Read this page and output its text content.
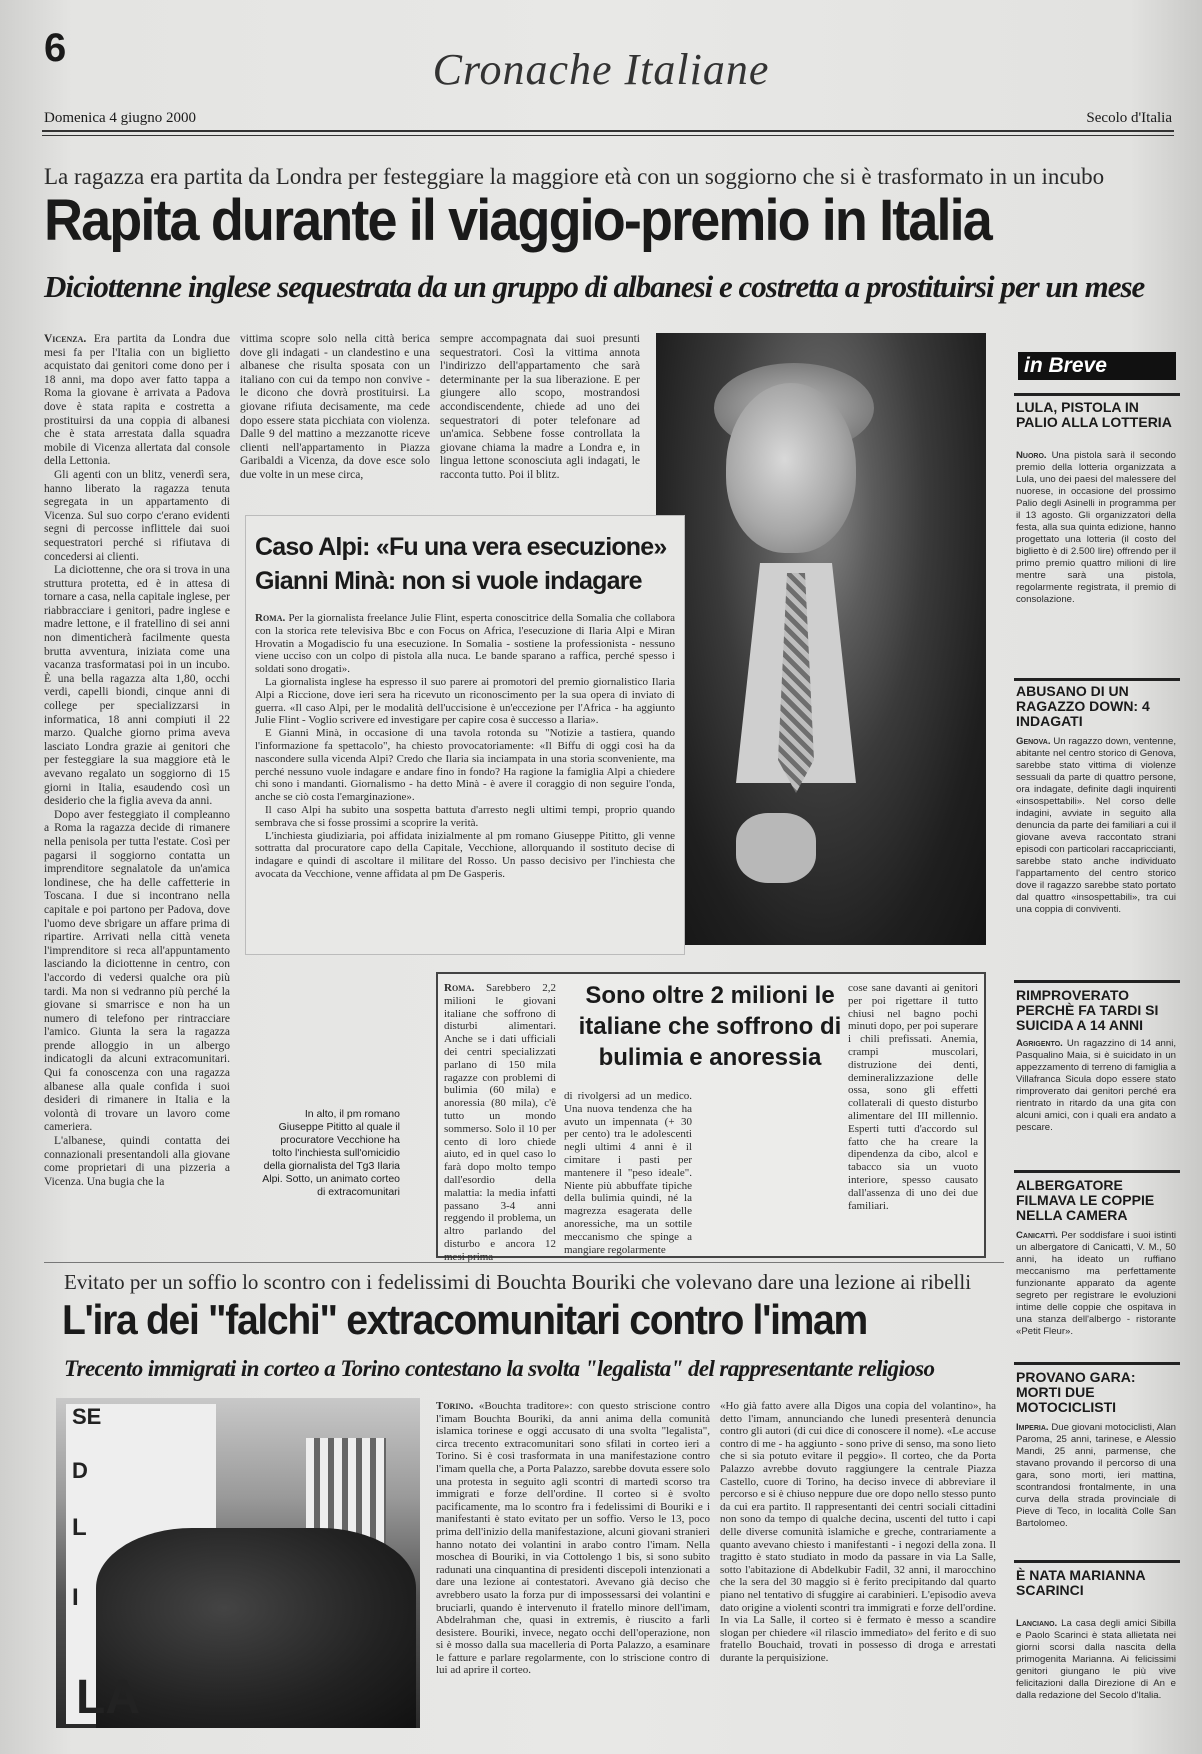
6	Cronache Italiane
Domenica 4 giugno 2000	Secolo d'Italia
La ragazza era partita da Londra per festeggiare la maggiore età con un soggiorno che si è trasformato in un incubo
Rapita durante il viaggio-premio in Italia
Diciottenne inglese sequestrata da un gruppo di albanesi e costretta a prostituirsi per un mese

Vicenza. Era partita da Londra due mesi fa per l'Italia con un biglietto acquistato dai genitori come dono per i 18 anni, ma dopo aver fatto tappa a Roma la giovane è arrivata a Padova dove è stata rapita e costretta a prostituirsi da una coppia di albanesi che è stata arrestata dalla squadra mobile di Vicenza allertata dal console della Lettonia.

Gli agenti con un blitz, venerdì sera, hanno liberato la ragazza tenuta segregata in un appartamento di Vicenza. Sul suo corpo c'erano evidenti segni di percosse inflittele dai suoi sequestratori perché si rifiutava di concedersi ai clienti.

La diciottenne, che ora si trova in una struttura protetta, ed è in attesa di tornare a casa, nella capitale inglese, per riabbracciare i genitori, padre inglese e madre lettone, e il fratellino di sei anni non dimenticherà facilmente questa brutta avventura, iniziata come una vacanza trasformatasi poi in un incubo. È una bella ragazza alta 1,80, occhi verdi, capelli biondi, cinque anni di college per specializzarsi in informatica, 18 anni compiuti il 22 marzo. Qualche giorno prima aveva lasciato Londra grazie ai genitori che per festeggiare la sua maggiore età le avevano regalato un soggiorno di 15 giorni in Italia, esaudendo così un desiderio che la figlia aveva da anni.

Dopo aver festeggiato il compleanno a Roma la ragazza decide di rimanere nella penisola per tutta l'estate. Così per pagarsi il soggiorno contatta un imprenditore segnalatole da un'amica londinese, che ha delle caffetterie in Toscana. I due si incontrano nella capitale e poi partono per Padova, dove l'uomo deve sbrigare un affare prima di ripartire. Arrivati nella città veneta l'imprenditore si reca all'appuntamento lasciando la diciottenne in centro, con l'accordo di vedersi qualche ora più tardi. Ma non si vedranno più perché la giovane si smarrisce e non ha un numero di telefono per rintracciare l'amico. Giunta la sera la ragazza prende alloggio in un albergo indicatogli da alcuni extracomunitari. Qui fa conoscenza con una ragazza albanese alla quale confida i suoi desideri di rimanere in Italia e la volontà di trovare un lavoro come cameriera.

L'albanese, quindi contatta dei connazionali presentandoli alla giovane come proprietari di una pizzeria a Vicenza. Una bugia che la

vittima scopre solo nella città berica dove gli indagati - un clandestino e una albanese che risulta sposata con un italiano con cui da tempo non convive - le dicono che dovrà prostituirsi. La giovane rifiuta decisamente, ma cede dopo essere stata picchiata con violenza. Dalle 9 del mattino a mezzanotte riceve clienti nell'appartamento in Piazza Garibaldi a Vicenza, da dove esce solo due volte in un mese circa,

sempre accompagnata dai suoi presunti sequestratori. Così la vittima annota l'indirizzo dell'appartamento che sarà determinante per la sua liberazione. E per giungere allo scopo, mostrandosi accondiscendente, chiede ad uno dei sequestratori di poter telefonare ad un'amica. Sebbene fosse controllata la giovane chiama la madre a Londra e, in lingua lettone sconosciuta agli indagati, le racconta tutto. Poi il blitz.

Caso Alpi: «Fu una vera esecuzione»
Gianni Minà: non si vuole indagare

Roma. Per la giornalista freelance Julie Flint, esperta conoscitrice della Somalia che collabora con la storica rete televisiva Bbc e con Focus on Africa, l'esecuzione di Ilaria Alpi e Miran Hrovatin a Mogadiscio fu una esecuzione. In Somalia - sostiene la professionista - nessuno viene ucciso con un colpo di pistola alla nuca. Le bande sparano a raffica, perché spesso i soldati sono drogati».

La giornalista inglese ha espresso il suo parere ai promotori del premio giornalistico Ilaria Alpi a Riccione, dove ieri sera ha ricevuto un riconoscimento per la sua opera di inviato di guerra. «Il caso Alpi, per le modalità dell'uccisione è un'eccezione per l'Africa - ha aggiunto Julie Flint - Voglio scrivere ed investigare per capire cosa è successo a Ilaria».

E Gianni Minà, in occasione di una tavola rotonda su "Notizie a tastiera, quando l'informazione fa spettacolo", ha chiesto provocatoriamente: «Il Biffu di oggi così ha da nascondere sulla vicenda Alpi? Credo che Ilaria sia inciampata in una storia sconveniente, ma perché nessuno vuole indagare e andare fino in fondo? Ha ragione la famiglia Alpi a chiedere chi sono i mandanti. Giornalismo - ha detto Minà - è avere il coraggio di non seguire l'onda, anche se ciò costa l'emarginazione».

Il caso Alpi ha subito una sospetta battuta d'arresto negli ultimi tempi, proprio quando sembrava che si fosse prossimi a scoprire la verità.

L'inchiesta giudiziaria, poi affidata inizialmente al pm romano Giuseppe Pititto, gli venne sottratta dal procuratore capo della Capitale, Vecchione, allorquando il sostituto decise di indagare e quindi di ascoltare il militare del Rosso. Un passo decisivo per l'inchiesta che avocata da Vecchione, venne affidata al pm De Gasperis.

In alto, il pm romano Giuseppe Pititto al quale il procuratore Vecchione ha tolto l'inchiesta sull'omicidio della giornalista del Tg3 Ilaria Alpi. Sotto, un animato corteo di extracomunitari
Sono oltre 2 milioni le italiane che soffrono di bulimia e anoressia

Roma. Sarebbero 2,2 milioni le giovani italiane che soffrono di disturbi alimentari. Anche se i dati ufficiali dei centri specializzati parlano di 150 mila ragazze con problemi di bulimia (60 mila) e anoressia (80 mila), c'è tutto un mondo sommerso. Solo il 10 per cento di loro chiede aiuto, ed in quel caso lo farà dopo molto tempo dall'esordio della malattia: la media infatti passano 3-4 anni reggendo il problema, un altro parlando del disturbo e ancora 12 mesi prima

di rivolgersi ad un medico. Una nuova tendenza che ha avuto un impennata (+ 30 per cento) tra le adolescenti negli ultimi 4 anni è il cimitare i pasti per mantenere il "peso ideale". Niente più abbuffate tipiche della bulimia quindi, né la magrezza esagerata delle anoressiche, ma un sottile meccanismo che spinge a mangiare regolarmente

cose sane davanti ai genitori per poi rigettare il tutto chiusi nel bagno pochi minuti dopo, per poi superare i chili prefissati. Anemia, crampi muscolari, distruzione dei denti, demineralizzazione delle ossa, sono gli effetti collaterali di questo disturbo alimentare del III millennio. Esperti tutti d'accordo sul fatto che ha creare la dipendenza da cibo, alcol e tabacco sia un vuoto interiore, spesso causato dall'assenza di uno dei due familiari.

in Breve
LULA, PISTOLA IN PALIO ALLA LOTTERIA
Nuoro. Una pistola sarà il secondo premio della lotteria organizzata a Lula, uno dei paesi del malessere del nuorese, in occasione del prossimo Palio degli Asinelli in programma per il 13 agosto. Gli organizzatori della festa, alla sua quinta edizione, hanno progettato una lotteria (il costo del biglietto è di 2.500 lire) offrendo per il primo premio quattro milioni di lire mentre sarà una pistola, regolarmente registrata, il premio di consolazione.
ABUSANO DI UN RAGAZZO DOWN: 4 INDAGATI
Genova. Un ragazzo down, ventenne, abitante nel centro storico di Genova, sarebbe stato vittima di violenze sessuali da parte di quattro persone, ora indagate, definite dagli inquirenti «insospettabili». Nel corso delle indagini, avviate in seguito alla denuncia da parte dei familiari a cui il giovane aveva raccontato strani episodi con particolari raccapriccianti, sarebbe stato anche individuato l'appartamento del centro storico dove il ragazzo sarebbe stato portato dal quattro «insospettabili», tra cui una coppia di conviventi.
RIMPROVERATO PERCHÈ FA TARDI SI SUICIDA A 14 ANNI
Agrigento. Un ragazzino di 14 anni, Pasqualino Maia, si è suicidato in un appezzamento di terreno di famiglia a Villafranca Sicula dopo essere stato rimproverato dai genitori perché era rientrato in ritardo da una gita con alcuni amici, con i quali era andato a pescare.
ALBERGATORE FILMAVA LE COPPIE NELLA CAMERA
Canicattì. Per soddisfare i suoi istinti un albergatore di Canicattì, V. M., 50 anni, ha ideato un ruffiano meccanismo ma perfettamente funzionante apparato da agente segreto per registrare le evoluzioni intime delle coppie che ospitava in una stanza dell'albergo - ristorante «Petit Fleur».
PROVANO GARA: MORTI DUE MOTOCICLISTI
Imperia. Due giovani motociclisti, Alan Paroma, 25 anni, tarinese, e Alessio Mandi, 25 anni, parmense, che stavano provando il percorso di una gara, sono morti, ieri mattina, scontrandosi frontalmente, in una curva della strada provinciale di Pieve di Teco, in località Colle San Bartolomeo.
È NATA MARIANNA SCARINCI
Lanciano. La casa degli amici Sibilla e Paolo Scarinci è stata allietata nei giorni scorsi dalla nascita della primogenita Marianna. Ai felicissimi genitori giungano le più vive felicitazioni dalla Direzione di An e dalla redazione del Secolo d'Italia.
Evitato per un soffio lo scontro con i fedelissimi di Bouchta Bouriki che volevano dare una lezione ai ribelli
L'ira dei "falchi" extracomunitari contro l'imam
Trecento immigrati in corteo a Torino contestano la svolta "legalista" del rappresentante religioso
SE
D
L
I
LA

Torino. «Bouchta traditore»: con questo striscione contro l'imam Bouchta Bouriki, da anni anima della comunità islamica torinese e oggi accusato di una svolta "legalista", circa trecento extracomunitari sono sfilati in corteo ieri a Torino. Si è così trasformata in una manifestazione contro l'imam quella che, a Porta Palazzo, sarebbe dovuta essere solo una protesta in seguito agli scontri di martedì scorso tra immigrati e forze dell'ordine. Il corteo si è svolto pacificamente, ma lo scontro fra i fedelissimi di Bouriki e i manifestanti è stato evitato per un soffio. Verso le 13, poco prima dell'inizio della manifestazione, alcuni giovani stranieri hanno notato dei volantini in arabo contro l'imam. Nella moschea di Bouriki, in via Cottolengo 1 bis, si sono subito radunati una cinquantina di presidenti discepoli intenzionati a dare una lezione ai contestatori. Avevano già deciso che avrebbero usato la forza pur di impossessarsi dei volantini e bruciarli, quando è intervenuto il fratello minore dell'imam, Abdelrahman che, quasi in extremis, è riuscito a farli desistere. Bouriki, invece, negato occhi dell'operazione, non si è mosso dalla sua macelleria di Porta Palazzo, a esaminare le fatture e parlare regolarmente, con lo striscione contro di lui ad aprire il corteo.

«Ho già fatto avere alla Digos una copia del volantino», ha detto l'imam, annunciando che lunedì presenterà denuncia contro gli autori (di cui dice di conoscere il nome). «Le accuse contro di me - ha aggiunto - sono prive di senso, ma sono lieto che si sia potuto evitare il peggio». Il corteo, che da Porta Palazzo avrebbe dovuto raggiungere la centrale Piazza Castello, cuore di Torino, ha deciso invece di abbreviare il percorso e si è chiuso neppure due ore dopo nello stesso punto da cui era partito. Il rappresentanti dei centri sociali cittadini non sono da tempo di qualche decina, uscenti del tutto i capi delle diverse comunità islamiche e greche, contrariamente a quanto avevano chiesto i manifestanti - i negozi della zona. Il tragitto è stato studiato in modo da passare in via La Salle, sotto l'abitazione di Abdelkubir Fadil, 32 anni, il marocchino che la sera del 30 maggio si è ferito precipitando dal quarto piano nel tentativo di sfuggire ai carabinieri. L'episodio aveva dato origine a violenti scontri tra immigrati e forze dell'ordine. In via La Salle, il corteo si è fermato è messo a scandire slogan per chiedere «il rilascio immediato» del ferito e di suo fratello Bouchaid, trovati in possesso di droga e arrestati durante la perquisizione.
